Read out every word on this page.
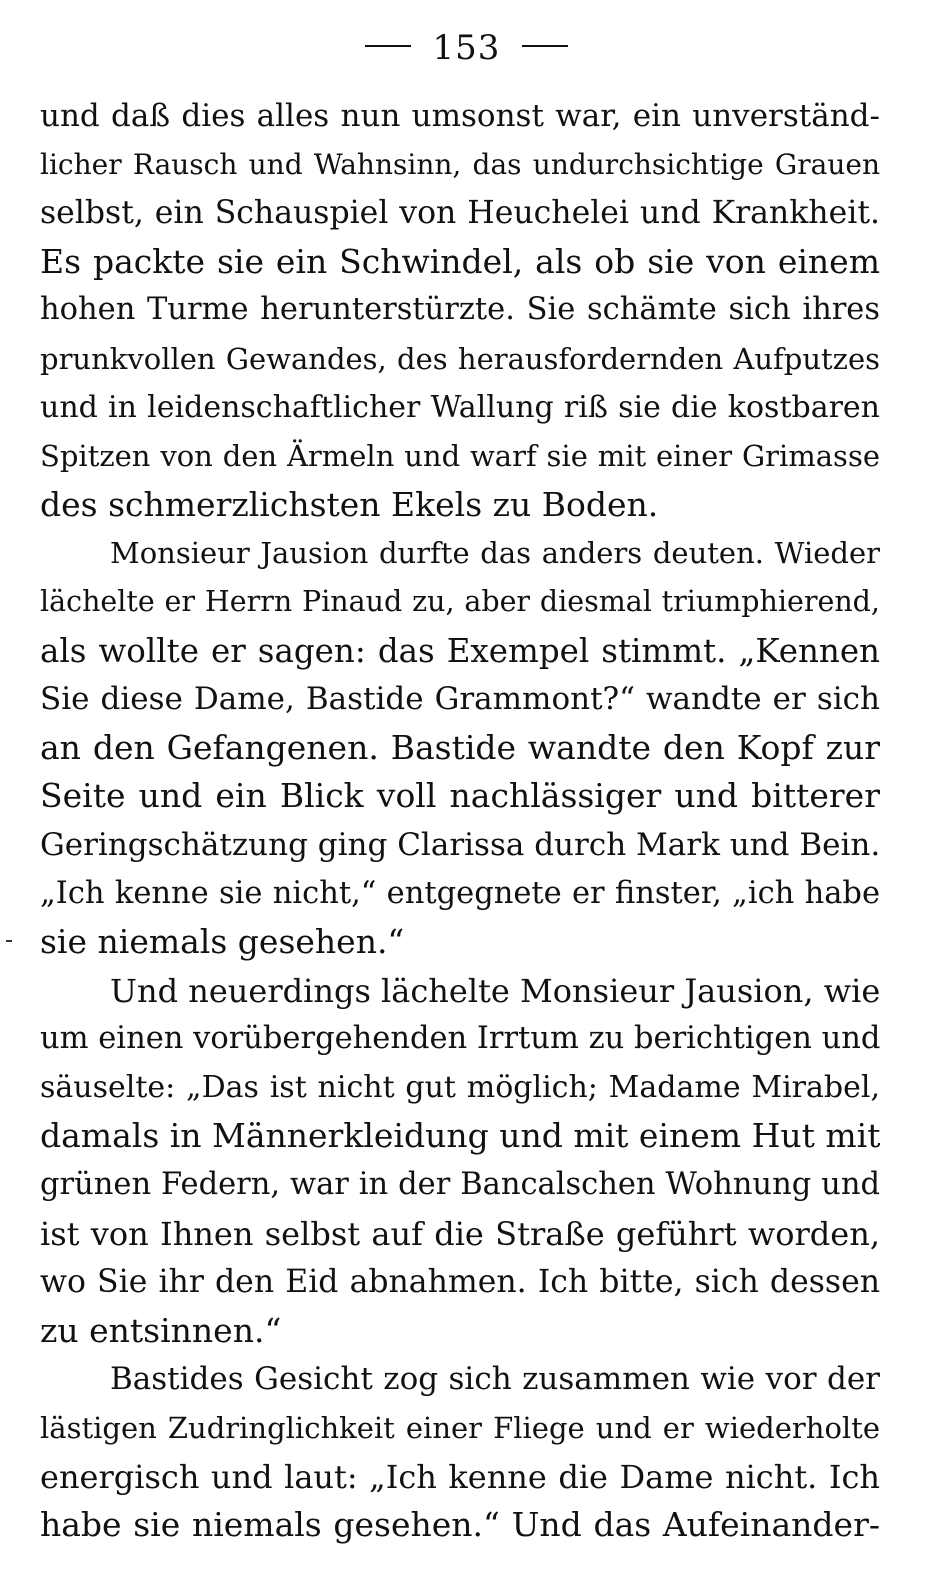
153
und daß dies alles nun umsonst war, ein unverständ-
licher Rausch und Wahnsinn, das undurchsichtige Grauen
selbst, ein Schauspiel von Heuchelei und Krankheit.
Es packte sie ein Schwindel, als ob sie von einem
hohen Turme herunterstürzte. Sie schämte sich ihres
prunkvollen Gewandes, des herausfordernden Aufputzes
und in leidenschaftlicher Wallung riß sie die kostbaren
Spitzen von den Ärmeln und warf sie mit einer Grimasse
des schmerzlichsten Ekels zu Boden.
Monsieur Jausion durfte das anders deuten. Wieder
lächelte er Herrn Pinaud zu, aber diesmal triumphierend,
als wollte er sagen: das Exempel stimmt. „Kennen
Sie diese Dame, Bastide Grammont?“ wandte er sich
an den Gefangenen. Bastide wandte den Kopf zur
Seite und ein Blick voll nachlässiger und bitterer
Geringschätzung ging Clarissa durch Mark und Bein.
„Ich kenne sie nicht,“ entgegnete er finster, „ich habe
sie niemals gesehen.“
Und neuerdings lächelte Monsieur Jausion, wie
um einen vorübergehenden Irrtum zu berichtigen und
säuselte: „Das ist nicht gut möglich; Madame Mirabel,
damals in Männerkleidung und mit einem Hut mit
grünen Federn, war in der Bancalschen Wohnung und
ist von Ihnen selbst auf die Straße geführt worden,
wo Sie ihr den Eid abnahmen. Ich bitte, sich dessen
zu entsinnen.“
Bastides Gesicht zog sich zusammen wie vor der
lästigen Zudringlichkeit einer Fliege und er wiederholte
energisch und laut: „Ich kenne die Dame nicht. Ich
habe sie niemals gesehen.“ Und das Aufeinander-
